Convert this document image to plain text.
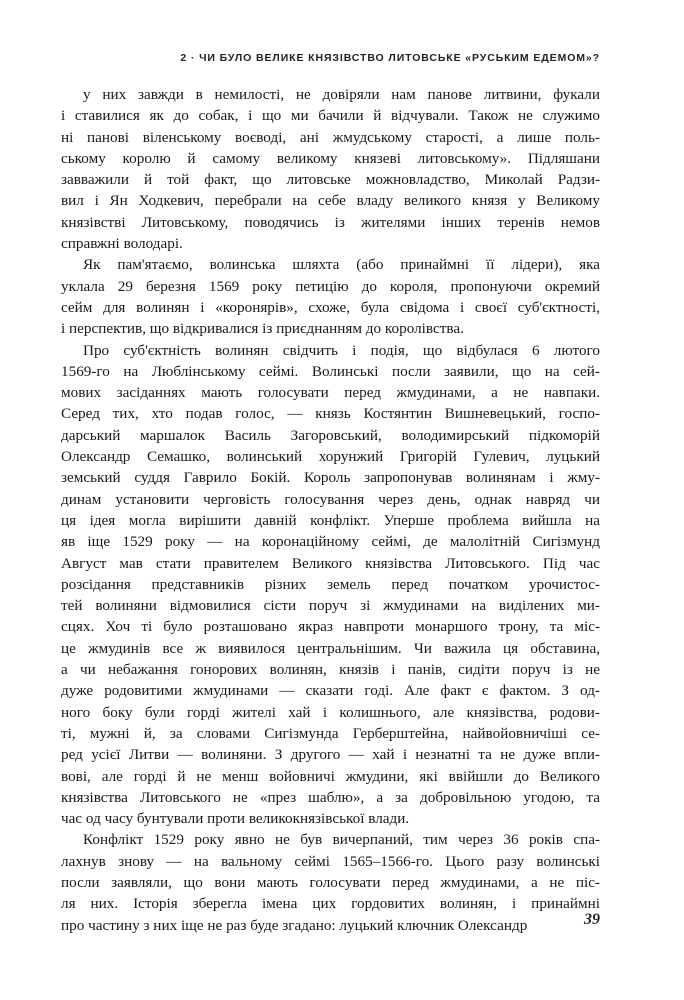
2 · ЧИ БУЛО ВЕЛИКЕ КНЯЗІВСТВО ЛИТОВСЬКЕ «РУСЬКИМ ЕДЕМОМ»?
у них завжди в немилості, не довіряли нам панове литвини, фукали
і ставилися як до собак, і що ми бачили й відчували. Також не служимо
ні панові віленському воєводі, ані жмудському старості, а лише поль-
ському королю й самому великому князеві литовському». Підляшани
завважили й той факт, що литовське можновладство, Миколай Радзи-
вил і Ян Ходкевич, перебрали на себе владу великого князя у Великому
князівстві Литовському, поводячись із жителями інших теренів немов
справжні володарі.
Як пам'ятаємо, волинська шляхта (або принаймні її лідери), яка
уклала 29 березня 1569 року петицію до короля, пропонуючи окремий
сейм для волинян і «коронярів», схоже, була свідома і своєї суб'єктності,
і перспектив, що відкривалися із приєднанням до королівства.
Про суб'єктність волинян свідчить і подія, що відбулася 6 лютого
1569-го на Люблінському сеймі. Волинські посли заявили, що на сей-
мових засіданнях мають голосувати перед жмудинами, а не навпаки.
Серед тих, хто подав голос, — князь Костянтин Вишневецький, госпо-
дарський маршалок Василь Загоровський, володимирський підкоморій
Олександр Семашко, волинський хорунжий Григорій Гулевич, луцький
земський суддя Гаврило Бокій. Король запропонував волинянам і жму-
динам установити черговість голосування через день, однак навряд чи
ця ідея могла вирішити давній конфлікт. Уперше проблема вийшла на
яв іще 1529 року — на коронаційному сеймі, де малолітній Сигізмунд
Август мав стати правителем Великого князівства Литовського. Під час
розсідання представників різних земель перед початком урочистос-
тей волиняни відмовилися сісти поруч зі жмудинами на виділених ми-
сцях. Хоч ті було розташовано якраз навпроти монаршого трону, та міс-
це жмудинів все ж виявилося центральнішим. Чи важила ця обставина,
а чи небажання гонорових волинян, князів і панів, сидіти поруч із не
дуже родовитими жмудинами — сказати годі. Але факт є фактом. З од-
ного боку були горді жителі хай і колишнього, але князівства, родови-
ті, мужні й, за словами Сигізмунда Герберштейна, найвойовничіші се-
ред усієї Литви — волиняни. З другого — хай і незнатні та не дуже впли-
вові, але горді й не менш войовничі жмудини, які ввійшли до Великого
князівства Литовського не «през шаблю», а за добровільною угодою, та
час од часу бунтували проти великокнязівської влади.
Конфлікт 1529 року явно не був вичерпаний, тим через 36 років спа-
лахнув знову — на вальному сеймі 1565–1566-го. Цього разу волинські
посли заявляли, що вони мають голосувати перед жмудинами, а не піс-
ля них. Історія зберегла імена цих гордовитих волинян, і принаймні
про частину з них іще не раз буде згадано: луцький ключник Олександр	39
